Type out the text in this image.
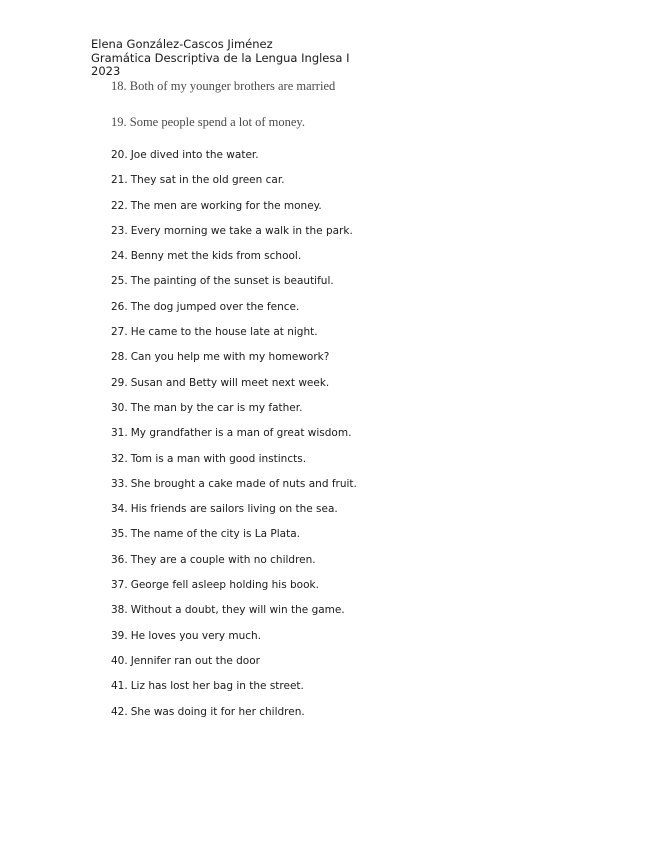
Elena González-Cascos Jiménez
Gramática Descriptiva de la Lengua Inglesa I
2023
18. Both of my younger brothers are married
19. Some people spend a lot of money.
20. Joe dived into the water.
21. They sat in the old green car.
22. The men are working for the money.
23. Every morning we take a walk in the park.
24. Benny met the kids from school.
25. The painting of the sunset is beautiful.
26. The dog jumped over the fence.
27. He came to the house late at night.
28. Can you help me with my homework?
29. Susan and Betty will meet next week.
30. The man by the car is my father.
31. My grandfather is a man of great wisdom.
32. Tom is a man with good instincts.
33. She brought a cake made of nuts and fruit.
34. His friends are sailors living on the sea.
35. The name of the city is La Plata.
36. They are a couple with no children.
37. George fell asleep holding his book.
38. Without a doubt, they will win the game.
39. He loves you very much.
40. Jennifer ran out the door
41. Liz has lost her bag in the street.
42. She was doing it for her children.
